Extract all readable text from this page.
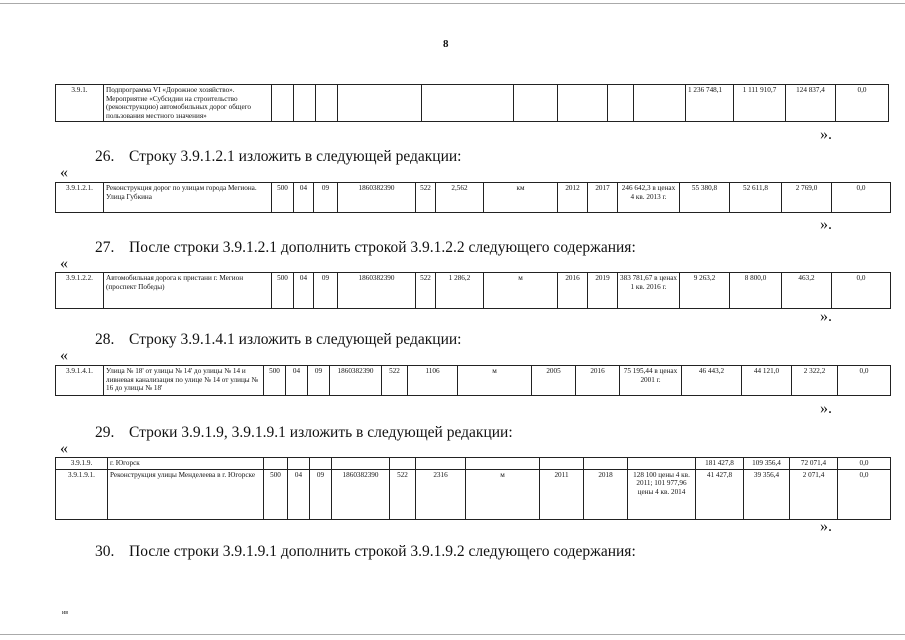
8
3.9.1.	Подпрограмма VI «Дорожное хозяйство». Мероприятие «Субсидии на строительство (реконструкцию) автомобильных дорог общего пользования местного значения»										1 236 748,1	1 111 910,7	124 837,4	0,0
».
26. Строку 3.9.1.2.1 изложить в следующей редакции:
«
3.9.1.2.1.	Реконструкция дорог по улицам города Мегиона. Улица Губкина	500	04	09	1860382390	522	2,562	км	2012	2017	246 642,3 в ценах 4 кв. 2013 г.	55 380,8	52 611,8	2 769,0	0,0
».
27. После строки 3.9.1.2.1 дополнить строкой 3.9.1.2.2 следующего содержания:
«
3.9.1.2.2.	Автомобильная дорога к пристани г. Мегион (проспект Победы)	500	04	09	1860382390	522	1 286,2	м	2016	2019	383 781,67 в ценах 1 кв. 2016 г.	9 263,2	8 800,0	463,2	0,0
».
28. Строку 3.9.1.4.1 изложить в следующей редакции:
«
3.9.1.4.1.	Улица № 18' от улицы № 14' до улицы № 14 и ливневая канализация по улице № 14 от улицы № 16 до улицы № 18'	500	04	09	1860382390	522	1106	м	2005	2016	75 195,44 в ценах 2001 г.	46 443,2	44 121,0	2 322,2	0,0
».
29. Строки 3.9.1.9, 3.9.1.9.1 изложить в следующей редакции:
«
3.9.1.9.	г. Югорск											181 427,8	109 356,4	72 071,4	0,0
3.9.1.9.1.	Реконструкция улицы Менделеева в г. Югорске	500	04	09	1860382390	522	2316	м	2011	2018	128 100 цены 4 кв. 2011; 101 977,96 цены 4 кв. 2014	41 427,8	39 356,4	2 071,4	0,0
».
30. После строки 3.9.1.9.1 дополнить строкой 3.9.1.9.2 следующего содержания:
ив
